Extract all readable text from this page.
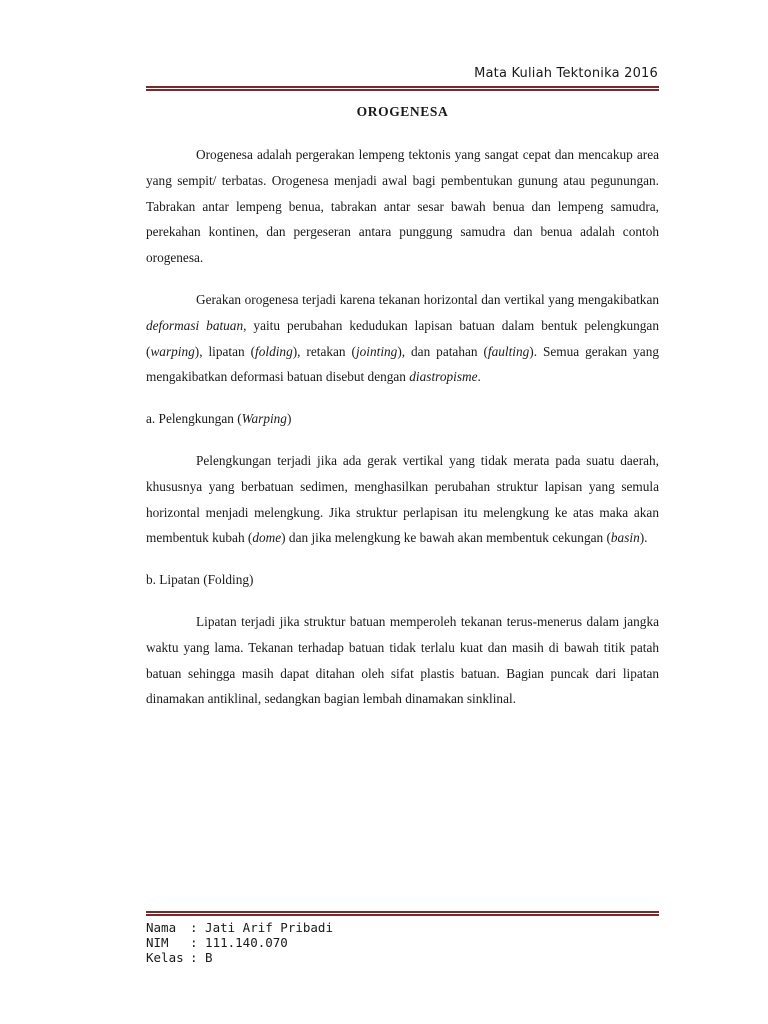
Mata Kuliah Tektonika 2016
OROGENESA

Orogenesa adalah pergerakan lempeng tektonis yang sangat cepat dan mencakup area yang sempit/ terbatas. Orogenesa menjadi awal bagi pembentukan gunung atau pegunungan. Tabrakan antar lempeng benua, tabrakan antar sesar bawah benua dan lempeng samudra, perekahan kontinen, dan pergeseran antara punggung samudra dan benua adalah contoh orogenesa.

Gerakan orogenesa terjadi karena tekanan horizontal dan vertikal yang mengakibatkan deformasi batuan, yaitu perubahan kedudukan lapisan batuan dalam bentuk pelengkungan (warping), lipatan (folding), retakan (jointing), dan patahan (faulting). Semua gerakan yang mengakibatkan deformasi batuan disebut dengan diastropisme.

a. Pelengkungan (Warping)

Pelengkungan terjadi jika ada gerak vertikal yang tidak merata pada suatu daerah, khususnya yang berbatuan sedimen, menghasilkan perubahan struktur lapisan yang semula horizontal menjadi melengkung. Jika struktur perlapisan itu melengkung ke atas maka akan membentuk kubah (dome) dan jika melengkung ke bawah akan membentuk cekungan (basin).

b. Lipatan (Folding)

Lipatan terjadi jika struktur batuan memperoleh tekanan terus-menerus dalam jangka waktu yang lama. Tekanan terhadap batuan tidak terlalu kuat dan masih di bawah titik patah batuan sehingga masih dapat ditahan oleh sifat plastis batuan. Bagian puncak dari lipatan dinamakan antiklinal, sedangkan bagian lembah dinamakan sinklinal.

Nama	: Jati Arif Pribadi
NIM	: 111.140.070
Kelas : B
